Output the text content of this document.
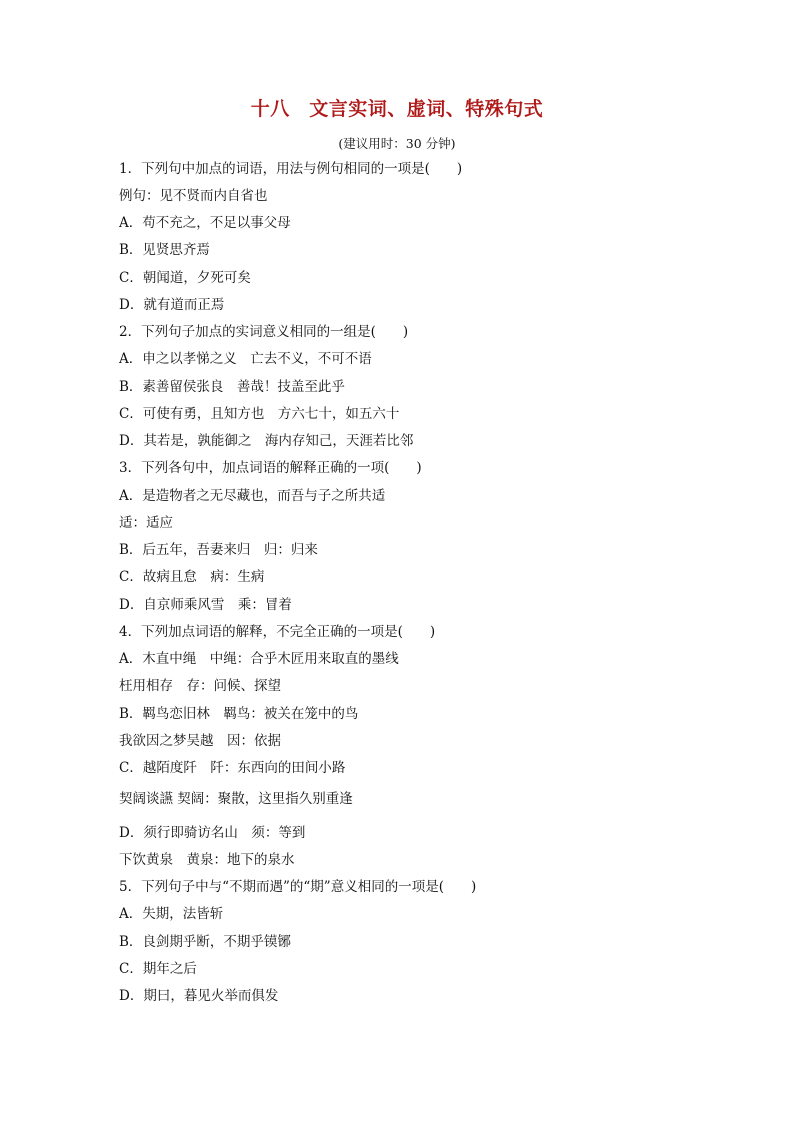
十八　文言实词、虚词、特殊句式
(建议用时：30 分钟)
1．下列句中加点的词语，用法与例句相同的一项是(　　)
例句：见不贤而内自省也
A．苟不充之，不足以事父母
B．见贤思齐焉
C．朝闻道，夕死可矣
D．就有道而正焉
2．下列句子加点的实词意义相同的一组是(　　)
A．申之以孝悌之义　亡去不义，不可不语
B．素善留侯张良　善哉！技盖至此乎
C．可使有勇，且知方也　方六七十，如五六十
D．其若是，孰能御之　海内存知己，天涯若比邻
3．下列各句中，加点词语的解释正确的一项(　　)
A．是造物者之无尽藏也，而吾与子之所共适
适：适应
B．后五年，吾妻来归　归：归来
C．故病且怠　病：生病
D．自京师乘风雪　乘：冒着
4．下列加点词语的解释，不完全正确的一项是(　　)
A．木直中绳　中绳：合乎木匠用来取直的墨线
枉用相存　存：问候、探望
B．羁鸟恋旧林　羁鸟：被关在笼中的鸟
我欲因之梦吴越　因：依据
C．越陌度阡　阡：东西向的田间小路
契阔谈讌 契阔：聚散，这里指久别重逢
D．须行即骑访名山　须：等到
下饮黄泉　黄泉：地下的泉水
5．下列句子中与“不期而遇”的“期”意义相同的一项是(　　)
A．失期，法皆斩
B．良剑期乎断，不期乎镆铘
C．期年之后
D．期曰，暮见火举而俱发
